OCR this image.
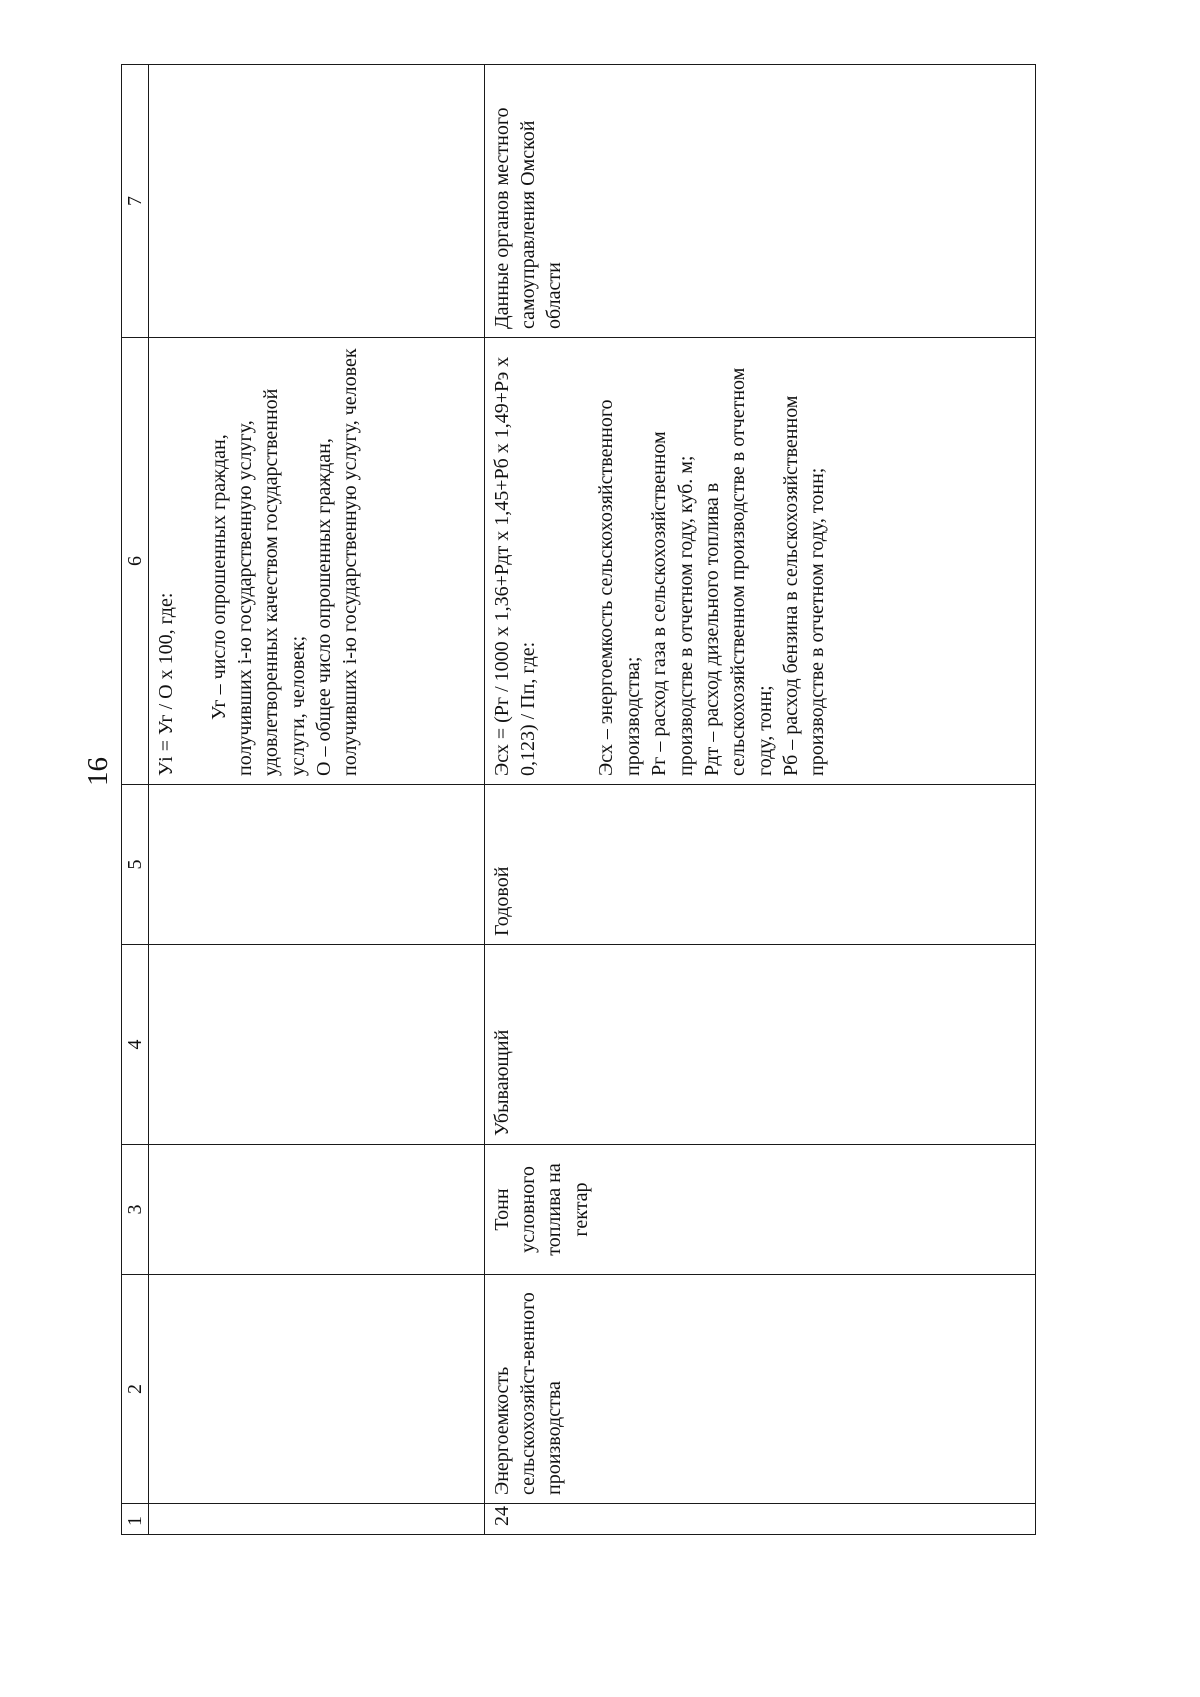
16
1	2	3	4	5	6	7

					Уi = Уг / О х 100, где: Уг – число опрошенных граждан, получивших i-ю государственную услугу, удовлетворенных качеством государственной услуги, человек;
О – общее число опрошенных граждан, получивших i-ю государственную услугу, человек	

24	Энергоемкость сельскохозяйст-венного производства	Тонн условного топлива на гектар	Убывающий	Годовой	Эсх = (Рг / 1000 х 1,36+Рдт х 1,45+Рб х 1,49+Рэ х 0,123) / Пп, где: Эсх – энергоемкость сельскохозяйственного производства;
Рг – расход газа в сельскохозяйственном производстве в отчетном году, куб. м;
Рдт – расход дизельного топлива в сельскохозяйственном производстве в отчетном году, тонн;
Рб – расход бензина в сельскохозяйственном производстве в отчетном году, тонн;	Данные органов местного самоуправления Омской области
